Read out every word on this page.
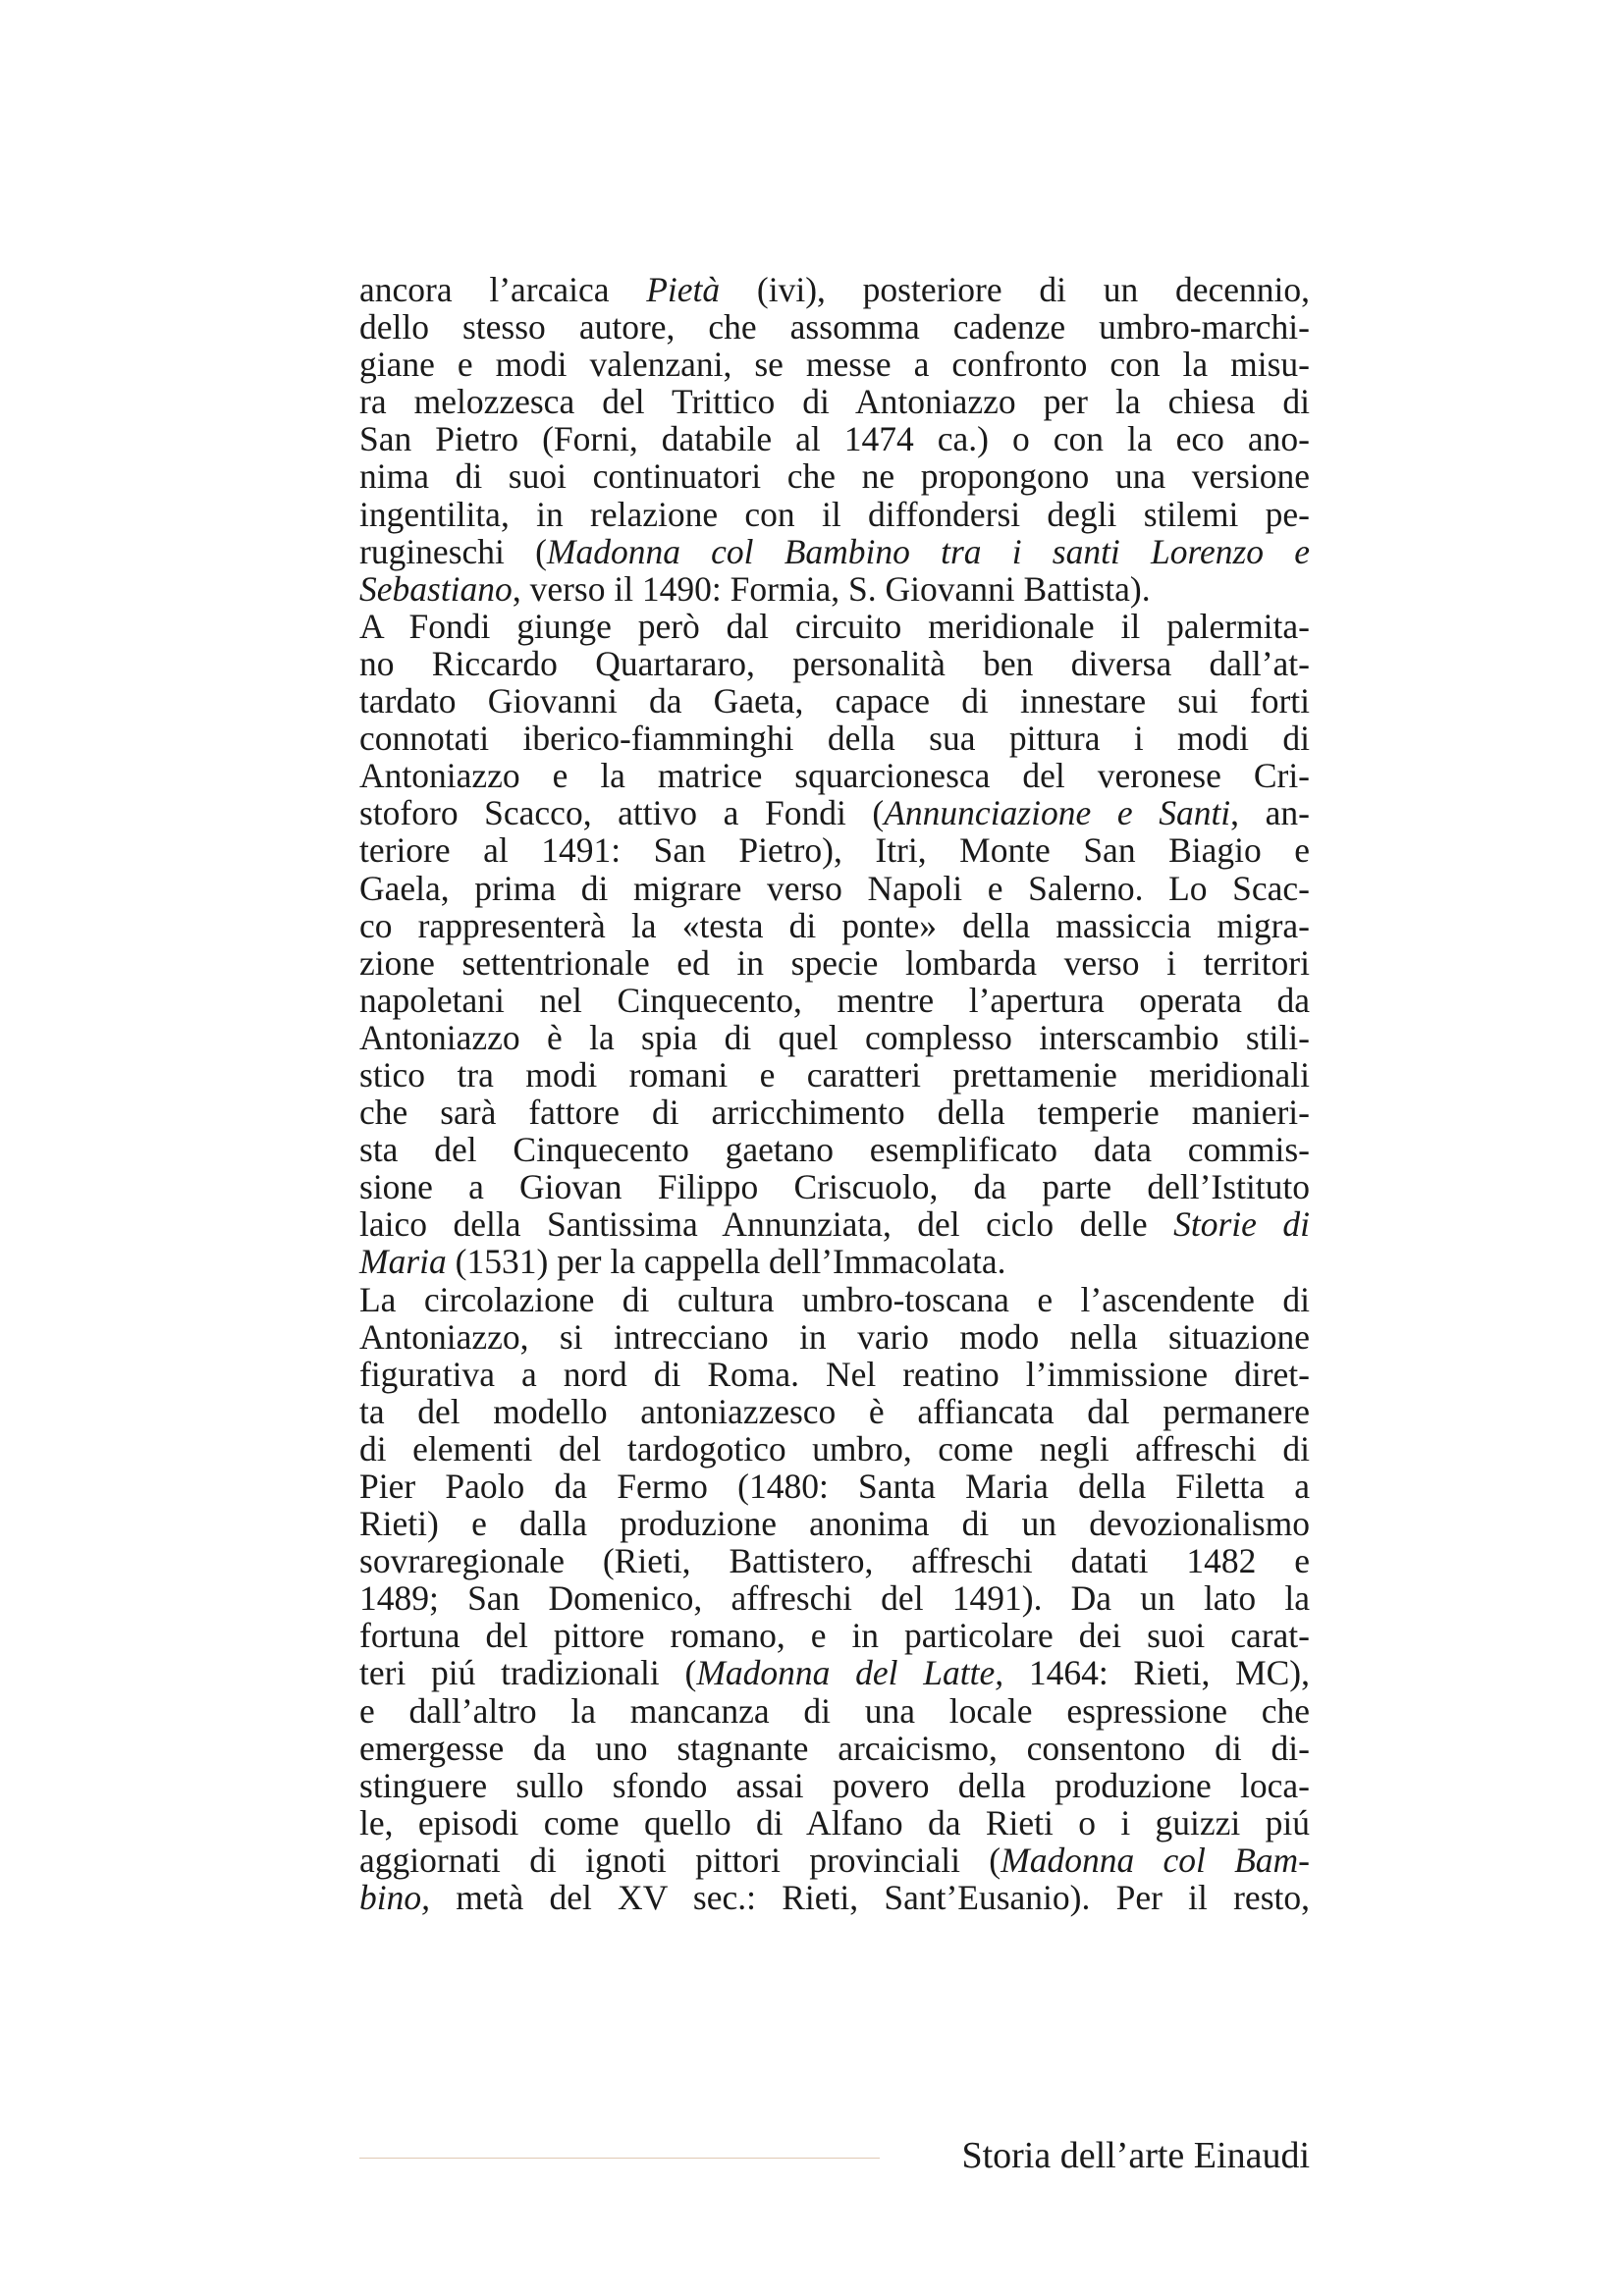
ancora l’arcaica Pietà (ivi), posteriore di un decennio,
dello stesso autore, che assomma cadenze umbro-marchi-
giane e modi valenzani, se messe a confronto con la misu-
ra melozzesca del Trittico di Antoniazzo per la chiesa di
San Pietro (Forni, databile al 1474 ca.) o con la eco ano-
nima di suoi continuatori che ne propongono una versione
ingentilita, in relazione con il diffondersi degli stilemi pe-
rugineschi (Madonna col Bambino tra i santi Lorenzo e
Sebastiano, verso il 1490: Formia, S. Giovanni Battista).
A Fondi giunge però dal circuito meridionale il palermita-
no Riccardo Quartararo, personalità ben diversa dall’at-
tardato Giovanni da Gaeta, capace di innestare sui forti
connotati iberico-fiamminghi della sua pittura i modi di
Antoniazzo e la matrice squarcionesca del veronese Cri-
stoforo Scacco, attivo a Fondi (Annunciazione e Santi, an-
teriore al 1491: San Pietro), Itri, Monte San Biagio e
Gaela, prima di migrare verso Napoli e Salerno. Lo Scac-
co rappresenterà la «testa di ponte» della massiccia migra-
zione settentrionale ed in specie lombarda verso i territori
napoletani nel Cinquecento, mentre l’apertura operata da
Antoniazzo è la spia di quel complesso interscambio stili-
stico tra modi romani e caratteri prettamenie meridionali
che sarà fattore di arricchimento della temperie manieri-
sta del Cinquecento gaetano esemplificato data commis-
sione a Giovan Filippo Criscuolo, da parte dell’Istituto
laico della Santissima Annunziata, del ciclo delle Storie di
Maria (1531) per la cappella dell’Immacolata.
La circolazione di cultura umbro-toscana e l’ascendente di
Antoniazzo, si intrecciano in vario modo nella situazione
figurativa a nord di Roma. Nel reatino l’immissione diret-
ta del modello antoniazzesco è affiancata dal permanere
di elementi del tardogotico umbro, come negli affreschi di
Pier Paolo da Fermo (1480: Santa Maria della Filetta a
Rieti) e dalla produzione anonima di un devozionalismo
sovraregionale (Rieti, Battistero, affreschi datati 1482 e
1489; San Domenico, affreschi del 1491). Da un lato la
fortuna del pittore romano, e in particolare dei suoi carat-
teri piú tradizionali (Madonna del Latte, 1464: Rieti, MC),
e dall’altro la mancanza di una locale espressione che
emergesse da uno stagnante arcaicismo, consentono di di-
stinguere sullo sfondo assai povero della produzione loca-
le, episodi come quello di Alfano da Rieti o i guizzi piú
aggiornati di ignoti pittori provinciali (Madonna col Bam-
bino, metà del XV sec.: Rieti, Sant’Eusanio). Per il resto,
Storia dell’arte Einaudi
